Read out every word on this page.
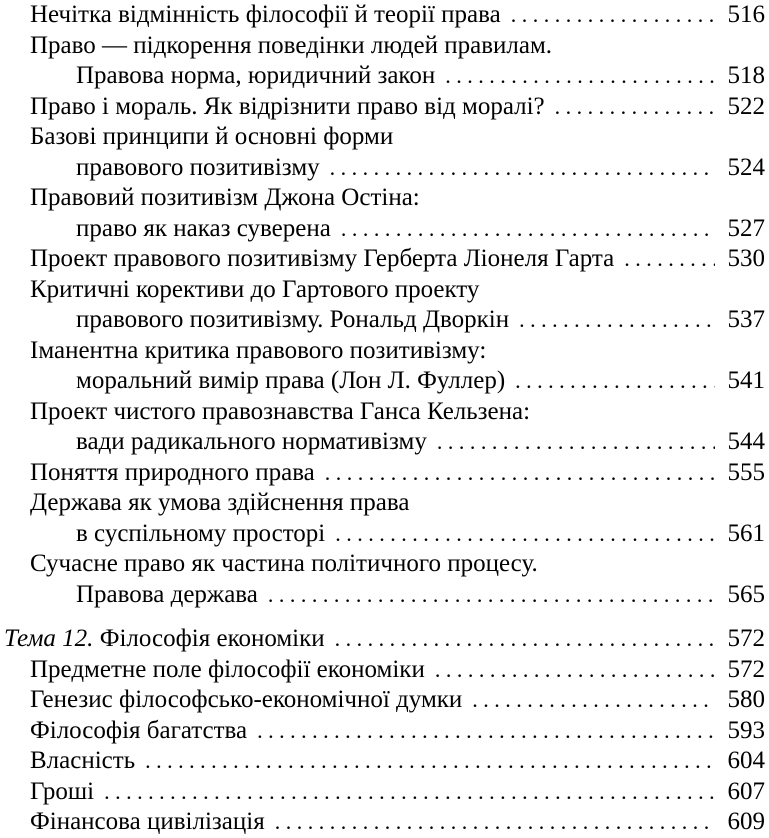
Нечітка відмінність філософії й теорії права . . .	516
Право — підкорення поведінки людей правилам.
Правова норма, юридичний закон . . .	518
Право і мораль. Як відрізнити право від моралі? . . .	522
Базові принципи й основні форми
правового позитивізму . . .	524
Правовий позитивізм Джона Остіна:
право як наказ суверена . . .	527
Проект правового позитивізму Герберта Ліонеля Гарта . . .	530
Критичні корективи до Гартового проекту
правового позитивізму. Рональд Дворкін . . .	537
Іманентна критика правового позитивізму:
моральний вимір права (Лон Л. Фуллер) . . .	541
Проект чистого правознавства Ганса Кельзена:
вади радикального нормативізму . . .	544
Поняття природного права . . .	555
Держава як умова здійснення права
в суспільному просторі . . .	561
Сучасне право як частина політичного процесу.
Правова держава . . .	565
Тема 12. Філософія економіки . . .	572
Предметне поле філософії економіки . . .	572
Генезис філософсько-економічної думки . . .	580
Філософія багатства . . .	593
Власність . . .	604
Гроші . . .	607
Фінансова цивілізація . . .	609
